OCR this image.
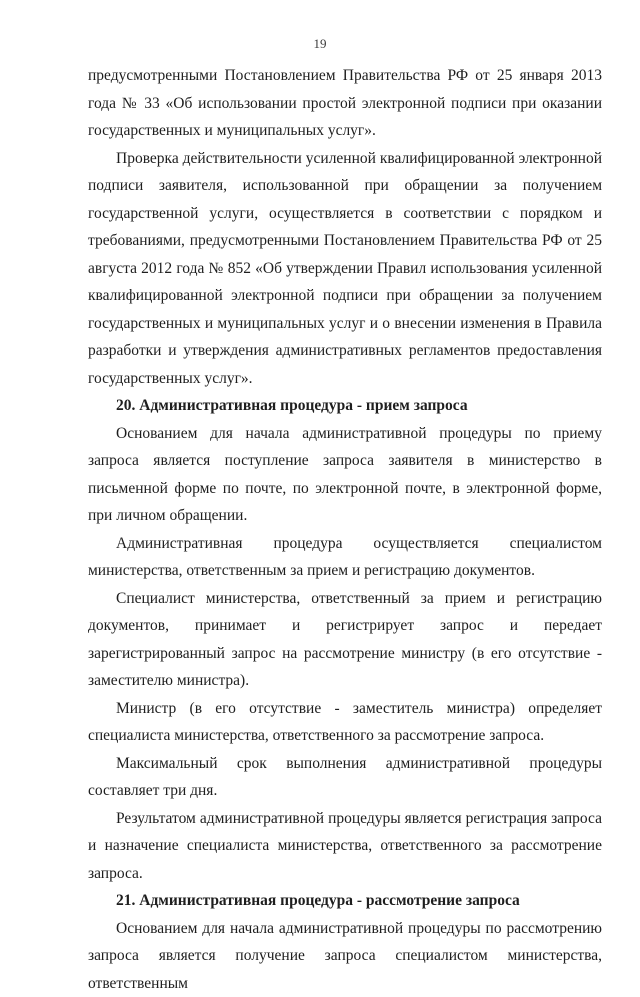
19

предусмотренными Постановлением Правительства РФ от 25 января 2013 года № 33 «Об использовании простой электронной подписи при оказании государственных и муниципальных услуг».

Проверка действительности усиленной квалифицированной электронной подписи заявителя, использованной при обращении за получением государственной услуги, осуществляется в соответствии с порядком и требованиями, предусмотренными Постановлением Правительства РФ от 25 августа 2012 года № 852 «Об утверждении Правил использования усиленной квалифицированной электронной подписи при обращении за получением государственных и муниципальных услуг и о внесении изменения в Правила разработки и утверждения административных регламентов предоставления государственных услуг».

20. Административная процедура - прием запроса

Основанием для начала административной процедуры по приему запроса является поступление запроса заявителя в министерство в письменной форме по почте, по электронной почте, в электронной форме, при личном обращении.

Административная процедура осуществляется специалистом министерства, ответственным за прием и регистрацию документов.

Специалист министерства, ответственный за прием и регистрацию документов, принимает и регистрирует запрос и передает зарегистрированный запрос на рассмотрение министру (в его отсутствие - заместителю министра).

Министр (в его отсутствие - заместитель министра) определяет специалиста министерства, ответственного за рассмотрение запроса.

Максимальный срок выполнения административной процедуры составляет три дня.

Результатом административной процедуры является регистрация запроса и назначение специалиста министерства, ответственного за рассмотрение запроса.

21. Административная процедура - рассмотрение запроса

Основанием для начала административной процедуры по рассмотрению запроса является получение запроса специалистом министерства, ответственным
